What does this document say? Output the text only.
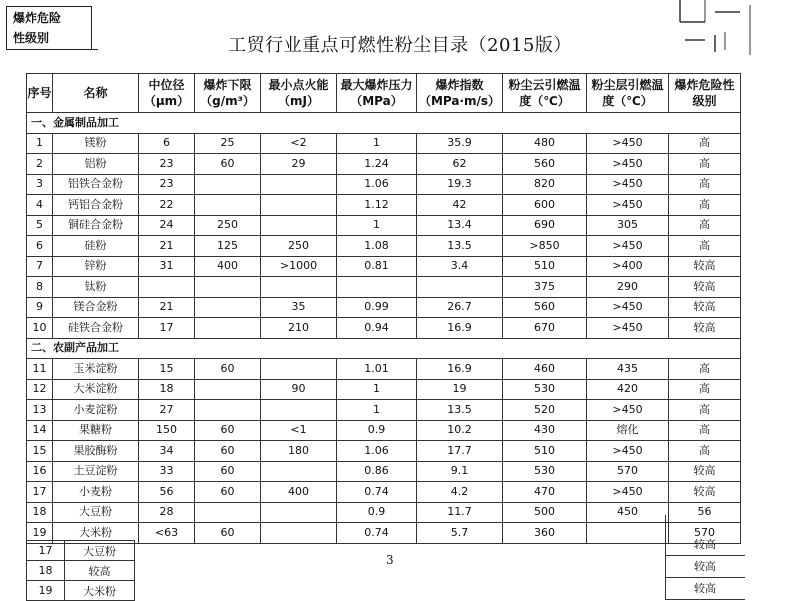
爆炸危险
性级别	工贸行业重点可燃性粉尘目录（2015版）
序号	名称	中位径（μm）	爆炸下限（g/m³）	最小点火能（mJ）	最大爆炸压力（MPa）	爆炸指数（MPa·m/s）	粉尘云引燃温度（℃）	粉尘层引燃温度（℃）	爆炸危险性级别
一、金属制品加工									
1	镁粉	6	25	<2	1	35.9	480	>450	高
2	铝粉	23	60	29	1.24	62	560	>450	高
3	铝铁合金粉	23			1.06	19.3	820	>450	高
4	钙铝合金粉	22			1.12	42	600	>450	高
5	铜硅合金粉	24	250		1	13.4	690	305	高
6	硅粉	21	125	250	1.08	13.5	>850	>450	高
7	锌粉	31	400	>1000	0.81	3.4	510	>400	较高
8	钛粉						375	290	较高
9	镁合金粉	21		35	0.99	26.7	560	>450	较高
10	硅铁合金粉	17		210	0.94	16.9	670	>450	较高
二、农副产品加工									
11	玉米淀粉	15	60		1.01	16.9	460	435	高
12	大米淀粉	18		90	1	19	530	420	高
13	小麦淀粉	27			1	13.5	520	>450	高
14	果糖粉	150	60	<1	0.9	10.2	430	熔化	高
15	果胶酶粉	34	60	180	1.06	17.7	510	>450	高
16	土豆淀粉	33	60		0.86	9.1	530	570	较高
17	小麦粉	56	60	400	0.74	4.2	470	>450	较高
18	大豆粉	28			0.9	11.7	500	450	56
19	大米粉	<63	60		0.74	5.7	360		570
17	大豆粉
18	较高
19	大米粉
较高
较高
较高
3
